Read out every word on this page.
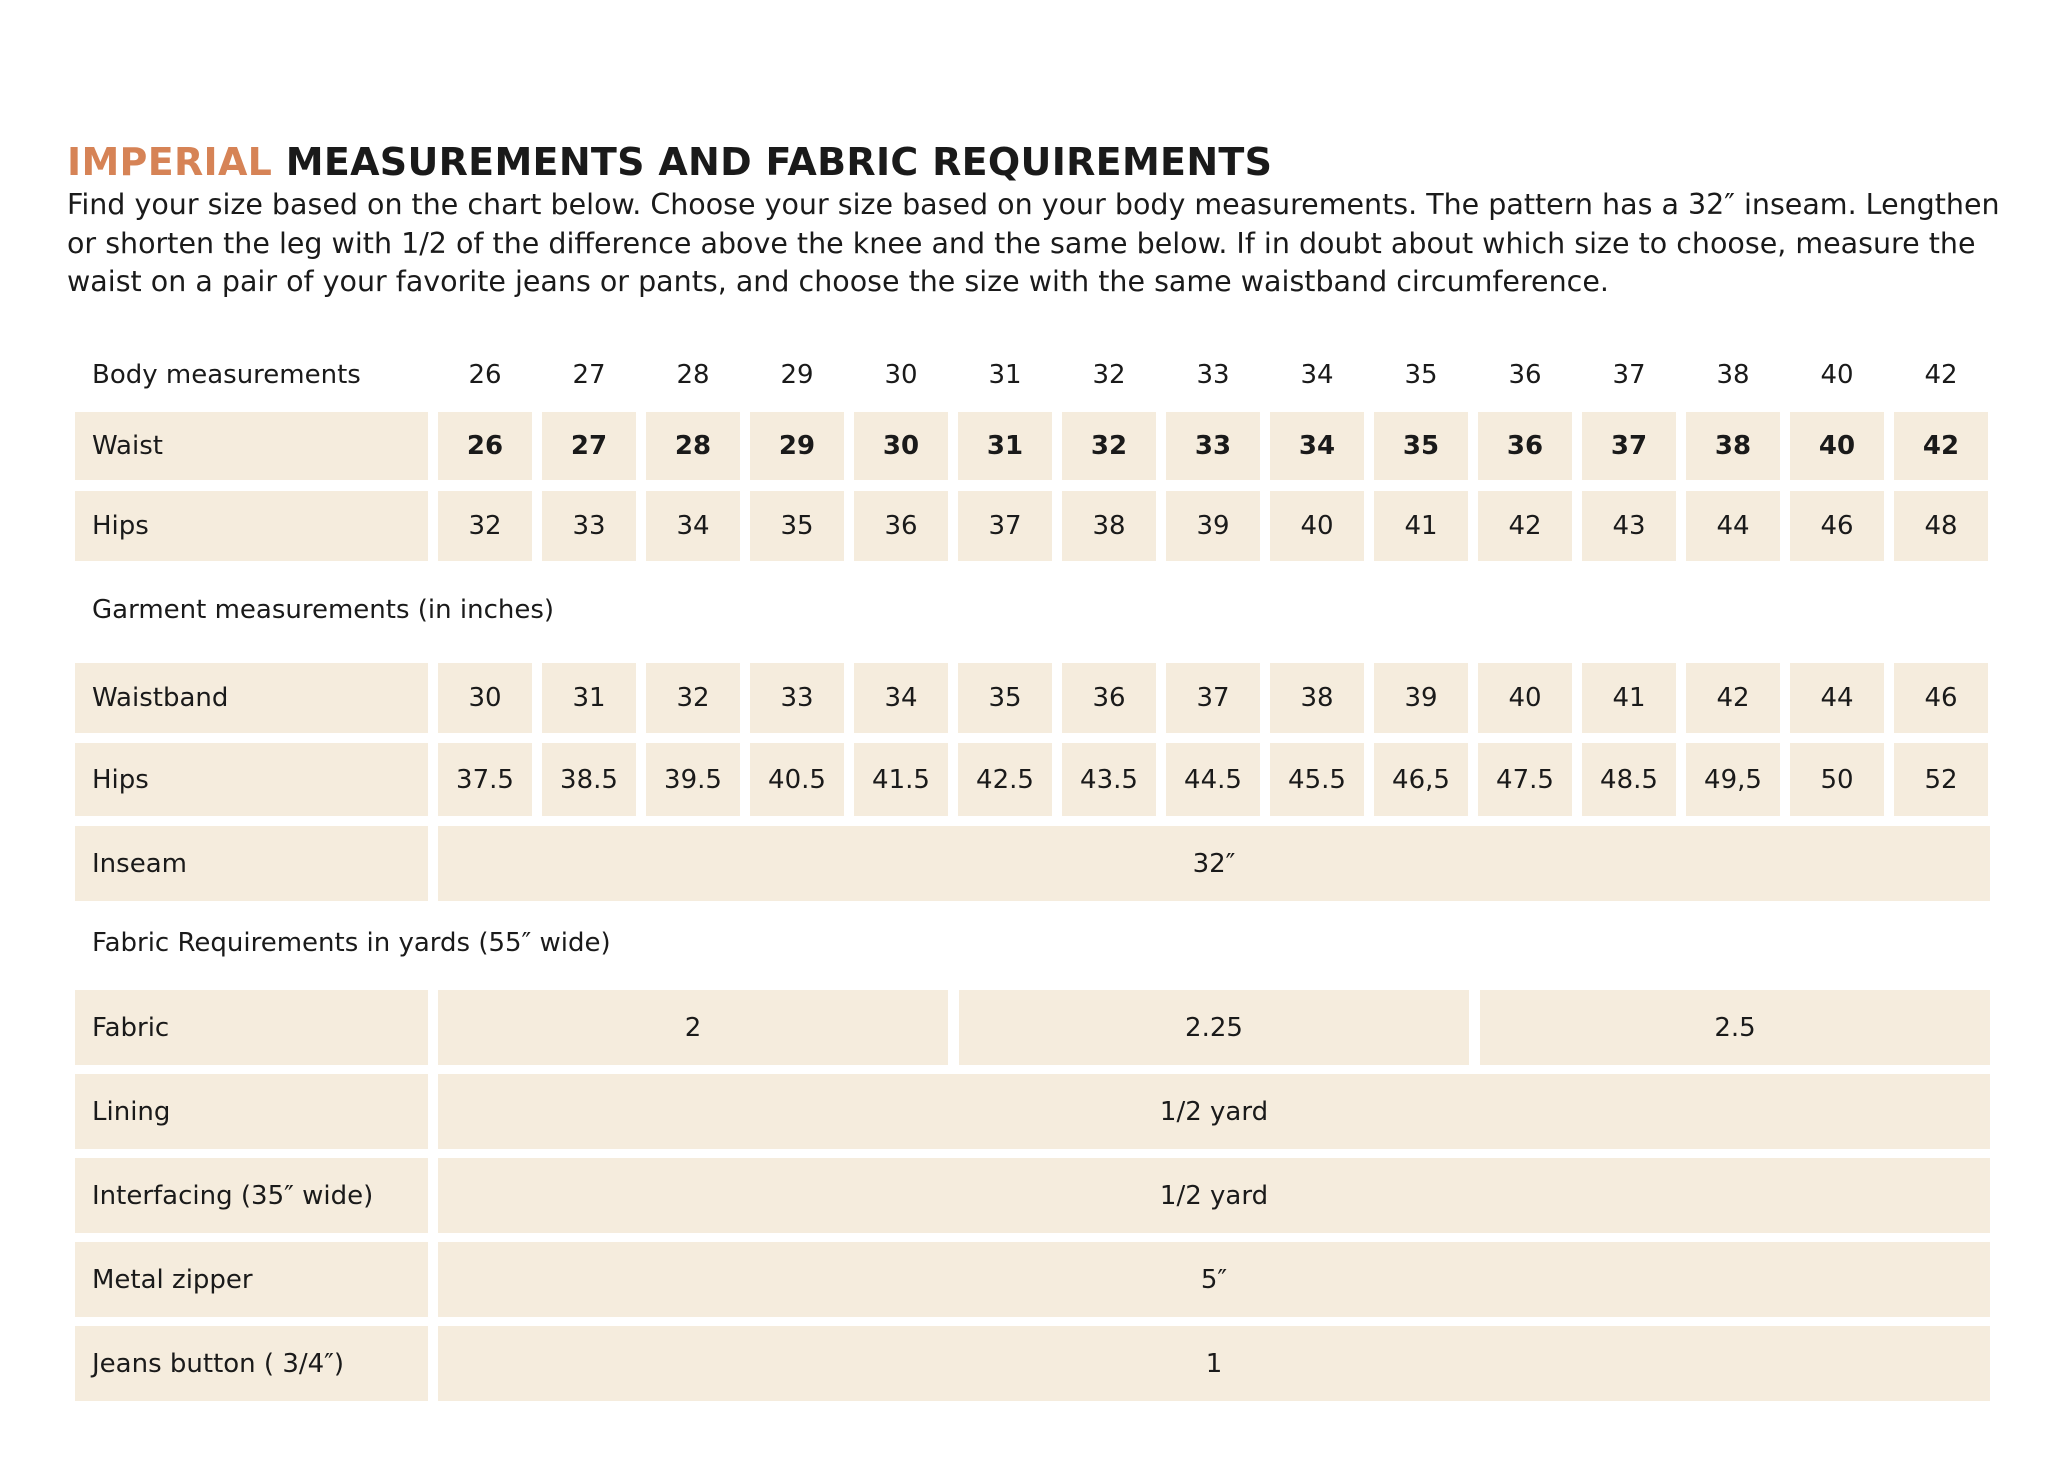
IMPERIAL MEASUREMENTS AND FABRIC REQUIREMENTS

Find your size based on the chart below. Choose your size based on your body measurements. The pattern has a 32″ inseam. Lengthen or shorten the leg with 1/2 of the difference above the knee and the same below. If in doubt about which size to choose, measure the waist on a pair of your favorite jeans or pants, and choose the size with the same waistband circumference.

Body measurements	26	27	28	29	30	31	32	33	34	35	36	37	38	40	42
Waist	26	27	28	29	30	31	32	33	34	35	36	37	38	40	42
Hips	32	33	34	35	36	37	38	39	40	41	42	43	44	46	48
Garment measurements (in inches)
Waistband	30	31	32	33	34	35	36	37	38	39	40	41	42	44	46
Hips	37.5	38.5	39.5	40.5	41.5	42.5	43.5	44.5	45.5	46,5	47.5	48.5	49,5	50	52
Inseam	32″
Fabric Requirements in yards (55″ wide)
Fabric	2	2.25	2.5
Lining	1/2 yard
Interfacing (35″ wide)	1/2 yard
Metal zipper	5″
Jeans button ( 3/4″)	1
